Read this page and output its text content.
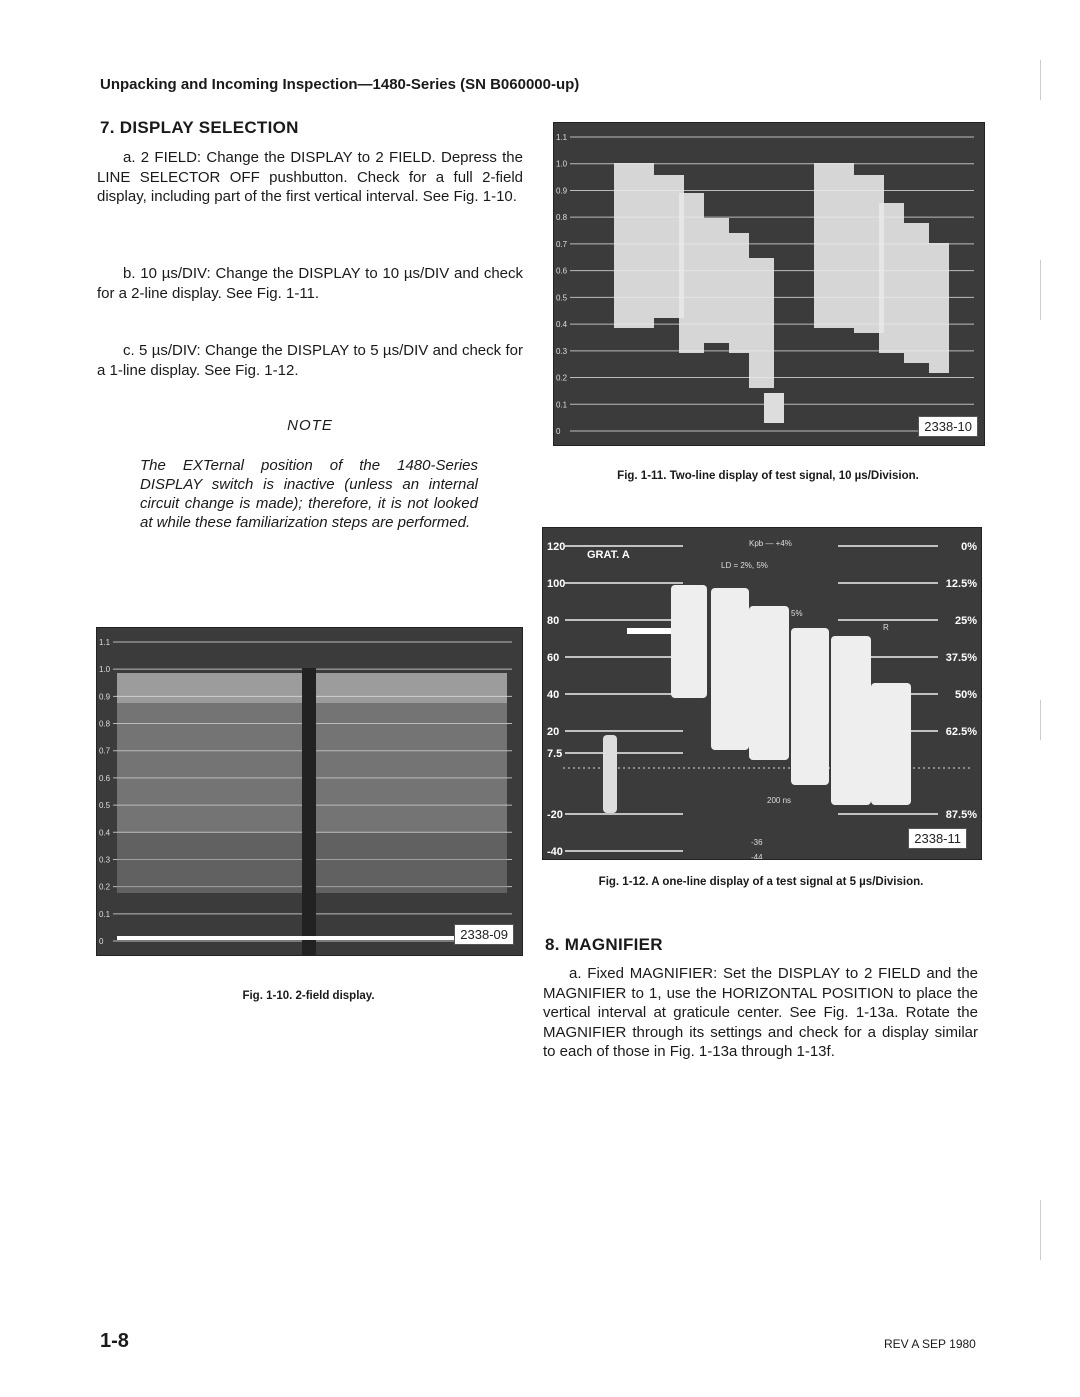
Unpacking and Incoming Inspection—1480-Series (SN B060000-up)
7. DISPLAY SELECTION
a. 2 FIELD: Change the DISPLAY to 2 FIELD. Depress the LINE SELECTOR OFF pushbutton. Check for a full 2-field display, including part of the first vertical interval. See Fig. 1-10.
b. 10 µs/DIV: Change the DISPLAY to 10 µs/DIV and check for a 2-line display. See Fig. 1-11.
c. 5 µs/DIV: Change the DISPLAY to 5 µs/DIV and check for a 1-line display. See Fig. 1-12.
NOTE
The EXTernal position of the 1480-Series DISPLAY switch is inactive (unless an internal circuit change is made); therefore, it is not looked at while these familiarization steps are performed.
1.1
1.0
0.9
0.8
0.7
0.6
0.5
0.4
0.3
0.2
0.1
0	2338-10
Fig. 1-11. Two-line display of test signal, 10 µs/Division.
120
100
80
60
40
20
7.5
-20
-40
0%
12.5%
25%
37.5%
50%
62.5%
87.5%
GRAT. A
Kpb — +4%
LD = 2%, 5%
5%
R
200 ns
-36
-44
2338-11
Fig. 1-12. A one-line display of a test signal at 5 µs/Division.
1.1
1.0
0.9
0.8
0.7
0.6
0.5
0.4
0.3
0.2
0.1
0	2338-09
Fig. 1-10. 2-field display.
8. MAGNIFIER
a. Fixed MAGNIFIER: Set the DISPLAY to 2 FIELD and the MAGNIFIER to 1, use the HORIZONTAL POSITION to place the vertical interval at graticule center. See Fig. 1-13a. Rotate the MAGNIFIER through its settings and check for a display similar to each of those in Fig. 1-13a through 1-13f.
1-8	REV A SEP 1980
